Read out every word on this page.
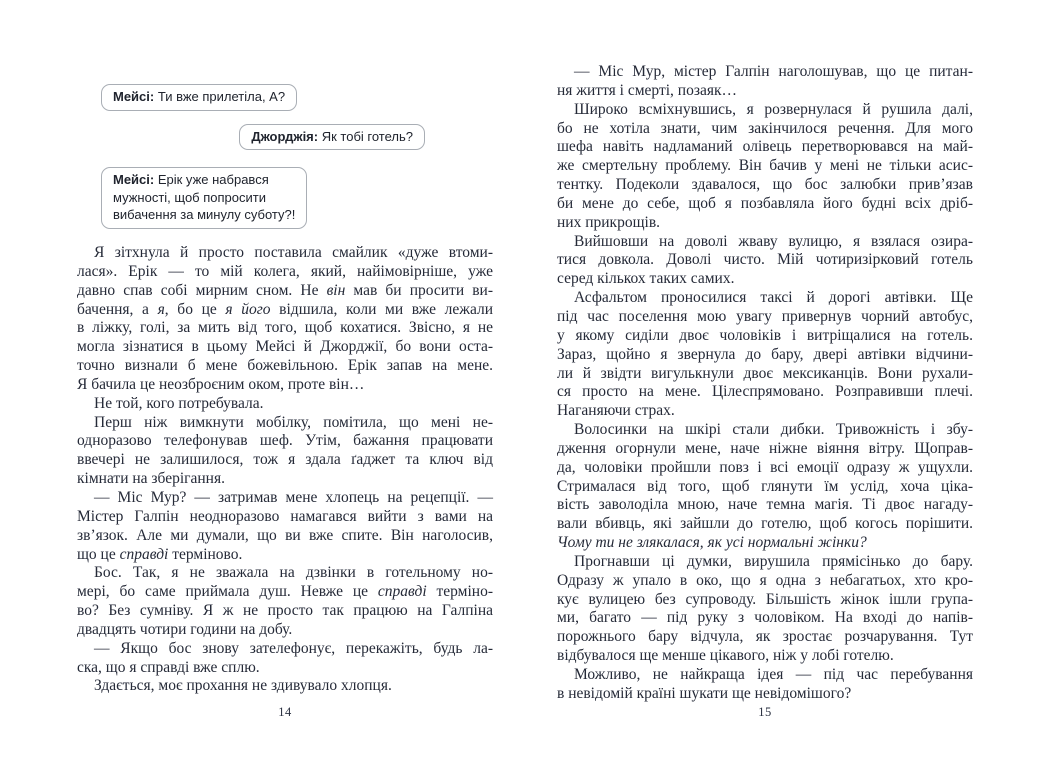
Мейсі: Ти вже прилетіла, А?
Джорджія: Як тобі готель?
Мейсі: Ерік уже набрався
мужності, щоб попросити
вибачення за минулу суботу?!

Я зітхнула й просто поставила смайлик «дуже втоми-
лася». Ерік — то мій колега, який, найімовірніше, уже
давно спав собі мирним сном. Не він мав би просити ви-
бачення, а я, бо це я його відшила, коли ми вже лежали
в ліжку, голі, за мить від того, щоб кохатися. Звісно, я не
могла зізнатися в цьому Мейсі й Джорджії, бо вони оста-
точно визнали б мене божевільною. Ерік запав на мене.
Я бачила це неозброєним оком, проте він…

Не той, кого потребувала.

Перш ніж вимкнути мобілку, помітила, що мені не-
одноразово телефонував шеф. Утім, бажання працювати
ввечері не залишилося, тож я здала ґаджет та ключ від
кімнати на зберігання.

— Міс Мур? — затримав мене хлопець на рецепції. —
Містер Галпін неодноразово намагався вийти з вами на
зв’язок. Але ми думали, що ви вже спите. Він наголосив,
що це справді терміново.

Бос. Так, я не зважала на дзвінки в готельному но-
мері, бо саме приймала душ. Невже це справді терміно-
во? Без сумніву. Я ж не просто так працюю на Галпіна
двадцять чотири години на добу.

— Якщо бос знову зателефонує, перекажіть, будь ла-
ска, що я справді вже сплю.

Здається, моє прохання не здивувало хлопця.

14

— Міс Мур, містер Галпін наголошував, що це питан-
ня життя і смерті, позаяк…

Широко всміхнувшись, я розвернулася й рушила далі,
бо не хотіла знати, чим закінчилося речення. Для мого
шефа навіть надламаний олівець перетворювався на май-
же смертельну проблему. Він бачив у мені не тільки асис-
тентку. Подеколи здавалося, що бос залюбки прив’язав
би мене до себе, щоб я позбавляла його будні всіх дріб-
них прикрощів.

Вийшовши на доволі жваву вулицю, я взялася озира-
тися довкола. Доволі чисто. Мій чотиризірковий готель
серед кількох таких самих.

Асфальтом проносилися таксі й дорогі автівки. Ще
під час поселення мою увагу привернув чорний автобус,
у якому сиділи двоє чоловіків і витріщалися на готель.
Зараз, щойно я звернула до бару, двері автівки відчини-
ли й звідти вигулькнули двоє мексиканців. Вони рухали-
ся просто на мене. Цілеспрямовано. Розправивши плечі.
Наганяючи страх.

Волосинки на шкірі стали дибки. Тривожність і збу-
дження огорнули мене, наче ніжне віяння вітру. Щоправ-
да, чоловіки пройшли повз і всі емоції одразу ж ущухли.
Стрималася від того, щоб глянути їм услід, хоча ціка-
вість заволоділа мною, наче темна магія. Ті двоє нагаду-
вали вбивць, які зайшли до готелю, щоб когось порішити.
Чому ти не злякалася, як усі нормальні жінки?

Прогнавши ці думки, вирушила прямісінько до бару.
Одразу ж упало в око, що я одна з небагатьох, хто кро-
кує вулицею без супроводу. Більшість жінок ішли група-
ми, багато — під руку з чоловіком. На вході до напів-
порожнього бару відчула, як зростає розчарування. Тут
відбувалося ще менше цікавого, ніж у лобі готелю.

Можливо, не найкраща ідея — під час перебування
в невідомій країні шукати ще невідомішого?

15
